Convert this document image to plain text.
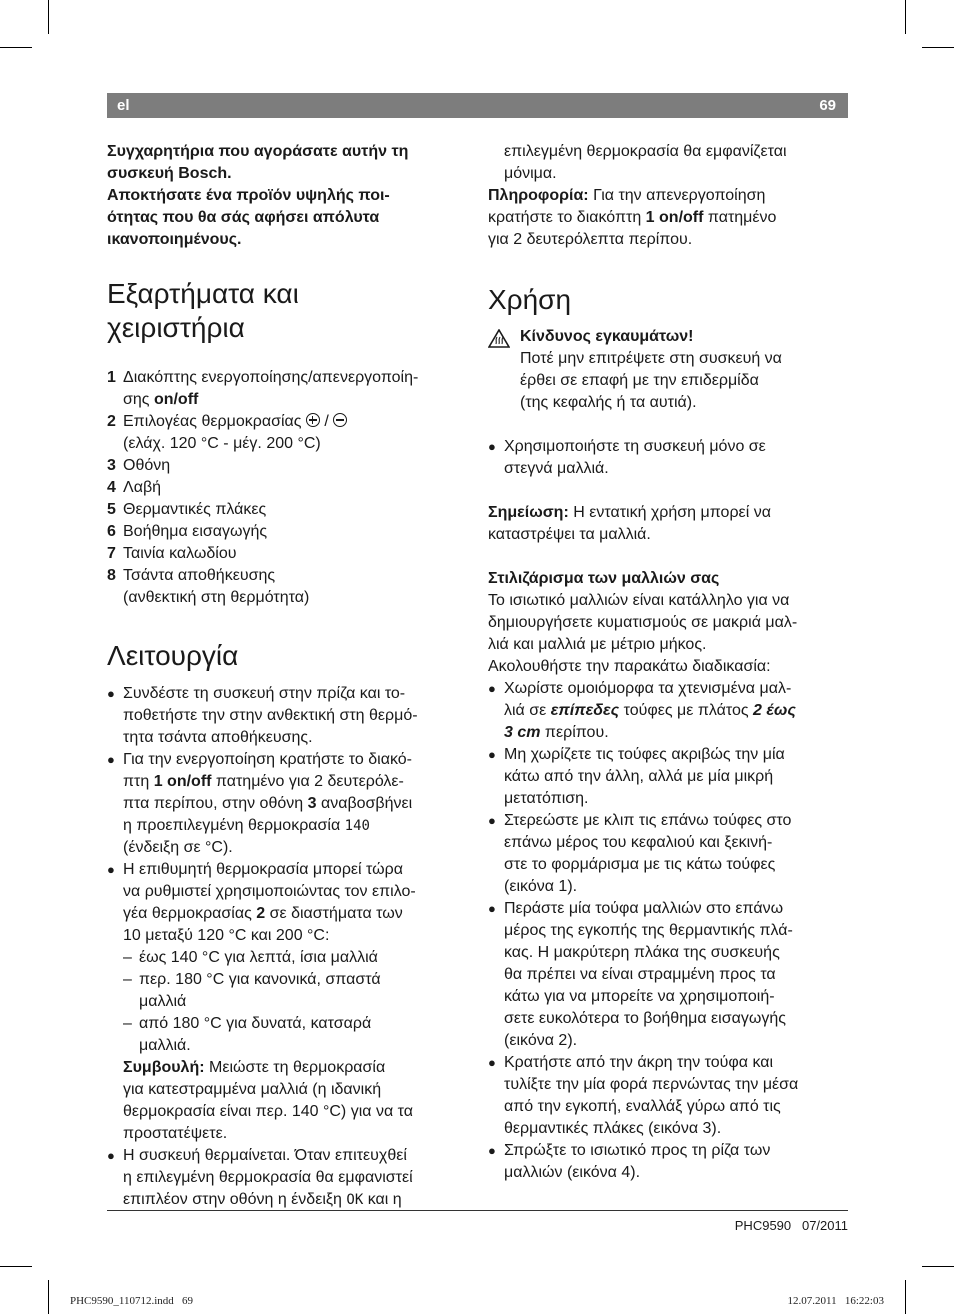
el	69

Συγχαρητήρια που αγοράσατε αυτήν τη

συσκευή Bosch.

Αποκτήσατε ένα προϊόν υψηλής ποι-

ότητας που θα σάς αφήσει απόλυτα

ικανοποιημένους.

Εξαρτήματα και
χειριστήρια
1 Διακόπτης ενεργοποίησης/απενεργοποίη-
σης on/off
2 Επιλογέας θερμοκρασίας  /
(ελάχ. 120 °C - μέγ. 200 °C)
3 Οθόνη
4 Λαβή
5 Θερμαντικές πλάκες
6 Βοήθημα εισαγωγής
7 Ταινία καλωδίου
8 Τσάντα αποθήκευσης
(ανθεκτική στη θερμότητα)
Λειτουργία
● Συνδέστε τη συσκευή στην πρίζα και το-
ποθετήστε την στην ανθεκτική στη θερμό-
τητα τσάντα αποθήκευσης.
● Για την ενεργοποίηση κρατήστε το διακό-
πτη 1 on/off πατημένο για 2 δευτερόλε-
πτα περίπου, στην οθόνη 3 αναβοσβήνει
η προεπιλεγμένη θερμοκρασία 140
(ένδειξη σε °C).
● Η επιθυμητή θερμοκρασία μπορεί τώρα
να ρυθμιστεί χρησιμοποιώντας τον επιλο-
γέα θερμοκρασίας 2 σε διαστήματα των
10 μεταξύ 120 °C και 200 °C:
– έως 140 °C για λεπτά, ίσια μαλλιά
– περ. 180 °C για κανονικά, σπαστά
μαλλιά
– από 180 °C για δυνατά, κατσαρά
μαλλιά.
Συμβουλή: Μειώστε τη θερμοκρασία
για κατεστραμμένα μαλλιά (η ιδανική
θερμοκρασία είναι περ. 140 °C) για να τα
προστατέψετε.
● Η συσκευή θερμαίνεται. Όταν επιτευχθεί
η επιλεγμένη θερμοκρασία θα εμφανιστεί
επιπλέον στην οθόνη η ένδειξη OK και η

επιλεγμένη θερμοκρασία θα εμφανίζεται

μόνιμα.

Πληροφορία: Για την απενεργοποίηση
κρατήστε το διακόπτη 1 on/off πατημένο
για 2 δευτερόλεπτα περίπου.
Χρήση
Κίνδυνος εγκαυμάτων!
Ποτέ μην επιτρέψετε στη συσκευή να
έρθει σε επαφή με την επιδερμίδα
(της κεφαλής ή τα αυτιά).
● Χρησιμοποιήστε τη συσκευή μόνο σε
στεγνά μαλλιά.
Σημείωση: Η εντατική χρήση μπορεί να
καταστρέψει τα μαλλιά.
Στιλιζάρισμα των μαλλιών σας

Το ισιωτικό μαλλιών είναι κατάλληλο για να

δημιουργήσετε κυματισμούς σε μακριά μαλ-

λιά και μαλλιά με μέτριο μήκος.

Ακολουθήστε την παρακάτω διαδικασία:

● Χωρίστε ομοιόμορφα τα χτενισμένα μαλ-
λιά σε επίπεδες τούφες με πλάτος 2 έως
3 cm περίπου.
● Μη χωρίζετε τις τούφες ακριβώς την μία
κάτω από την άλλη, αλλά με μία μικρή
μετατόπιση.
● Στερεώστε με κλιπ τις επάνω τούφες στο
επάνω μέρος του κεφαλιού και ξεκινή-
στε το φορμάρισμα με τις κάτω τούφες
(εικόνα 1).
● Περάστε μία τούφα μαλλιών στο επάνω
μέρος της εγκοπής της θερμαντικής πλά-
κας. Η μακρύτερη πλάκα της συσκευής
θα πρέπει να είναι στραμμένη προς τα
κάτω για να μπορείτε να χρησιμοποιή-
σετε ευκολότερα το βοήθημα εισαγωγής
(εικόνα 2).
● Κρατήστε από την άκρη την τούφα και
τυλίξτε την μία φορά περνώντας την μέσα
από την εγκοπή, εναλλάξ γύρω από τις
θερμαντικές πλάκες (εικόνα 3).
● Σπρώξτε το ισιωτικό προς τη ρίζα των
μαλλιών (εικόνα 4).
PHC9590   07/2011
PHC9590_110712.indd   69	12.07.2011   16:22:03
